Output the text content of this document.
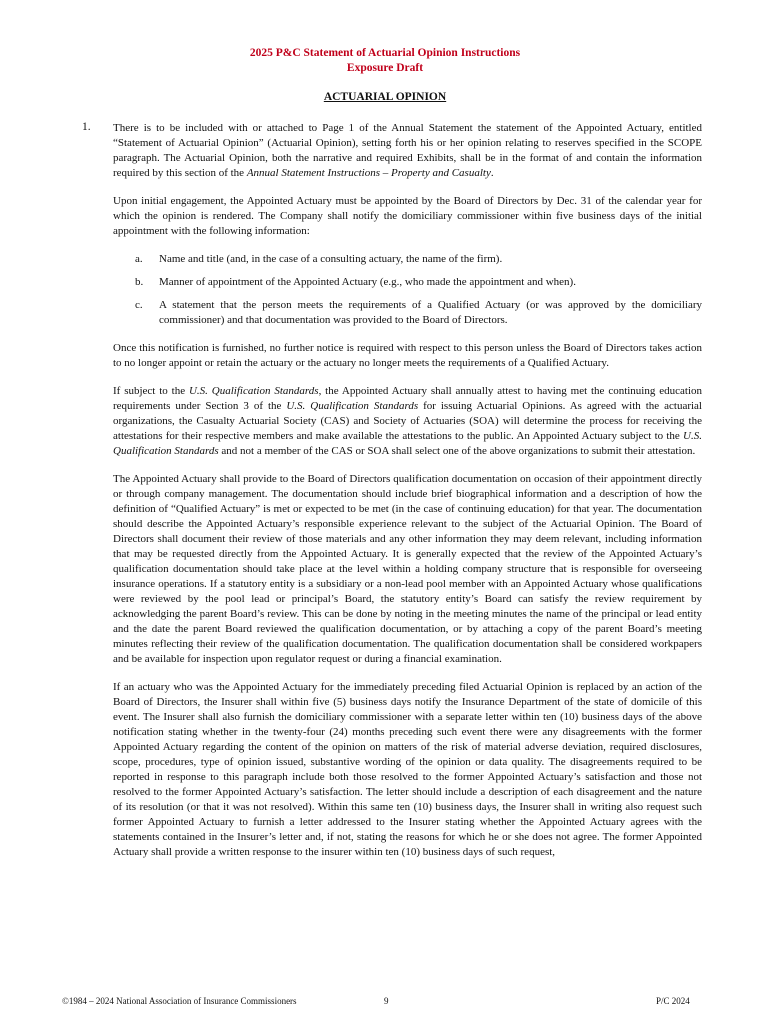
2025 P&C Statement of Actuarial Opinion Instructions
Exposure Draft
ACTUARIAL OPINION
1. There is to be included with or attached to Page 1 of the Annual Statement the statement of the Appointed Actuary, entitled “Statement of Actuarial Opinion” (Actuarial Opinion), setting forth his or her opinion relating to reserves specified in the SCOPE paragraph. The Actuarial Opinion, both the narrative and required Exhibits, shall be in the format of and contain the information required by this section of the Annual Statement Instructions – Property and Casualty.

Upon initial engagement, the Appointed Actuary must be appointed by the Board of Directors by Dec. 31 of the calendar year for which the opinion is rendered. The Company shall notify the domiciliary commissioner within five business days of the initial appointment with the following information:

a.	Name and title (and, in the case of a consulting actuary, the name of the firm).
b.	Manner of appointment of the Appointed Actuary (e.g., who made the appointment and when).
c.	A statement that the person meets the requirements of a Qualified Actuary (or was approved by the domiciliary commissioner) and that documentation was provided to the Board of Directors.

Once this notification is furnished, no further notice is required with respect to this person unless the Board of Directors takes action to no longer appoint or retain the actuary or the actuary no longer meets the requirements of a Qualified Actuary.

If subject to the U.S. Qualification Standards, the Appointed Actuary shall annually attest to having met the continuing education requirements under Section 3 of the U.S. Qualification Standards for issuing Actuarial Opinions. As agreed with the actuarial organizations, the Casualty Actuarial Society (CAS) and Society of Actuaries (SOA) will determine the process for receiving the attestations for their respective members and make available the attestations to the public. An Appointed Actuary subject to the U.S. Qualification Standards and not a member of the CAS or SOA shall select one of the above organizations to submit their attestation.

The Appointed Actuary shall provide to the Board of Directors qualification documentation on occasion of their appointment directly or through company management. The documentation should include brief biographical information and a description of how the definition of “Qualified Actuary” is met or expected to be met (in the case of continuing education) for that year. The documentation should describe the Appointed Actuary’s responsible experience relevant to the subject of the Actuarial Opinion. The Board of Directors shall document their review of those materials and any other information they may deem relevant, including information that may be requested directly from the Appointed Actuary. It is generally expected that the review of the Appointed Actuary’s qualification documentation should take place at the level within a holding company structure that is responsible for overseeing insurance operations. If a statutory entity is a subsidiary or a non-lead pool member with an Appointed Actuary whose qualifications were reviewed by the pool lead or principal’s Board, the statutory entity’s Board can satisfy the review requirement by acknowledging the parent Board’s review. This can be done by noting in the meeting minutes the name of the principal or lead entity and the date the parent Board reviewed the qualification documentation, or by attaching a copy of the parent Board’s meeting minutes reflecting their review of the qualification documentation. The qualification documentation shall be considered workpapers and be available for inspection upon regulator request or during a financial examination.

If an actuary who was the Appointed Actuary for the immediately preceding filed Actuarial Opinion is replaced by an action of the Board of Directors, the Insurer shall within five (5) business days notify the Insurance Department of the state of domicile of this event. The Insurer shall also furnish the domiciliary commissioner with a separate letter within ten (10) business days of the above notification stating whether in the twenty-four (24) months preceding such event there were any disagreements with the former Appointed Actuary regarding the content of the opinion on matters of the risk of material adverse deviation, required disclosures, scope, procedures, type of opinion issued, substantive wording of the opinion or data quality. The disagreements required to be reported in response to this paragraph include both those resolved to the former Appointed Actuary’s satisfaction and those not resolved to the former Appointed Actuary’s satisfaction. The letter should include a description of each disagreement and the nature of its resolution (or that it was not resolved). Within this same ten (10) business days, the Insurer shall in writing also request such former Appointed Actuary to furnish a letter addressed to the Insurer stating whether the Appointed Actuary agrees with the statements contained in the Insurer’s letter and, if not, stating the reasons for which he or she does not agree. The former Appointed Actuary shall provide a written response to the insurer within ten (10) business days of such request,

©1984 – 2024 National Association of Insurance Commissioners	9	P/C 2024
